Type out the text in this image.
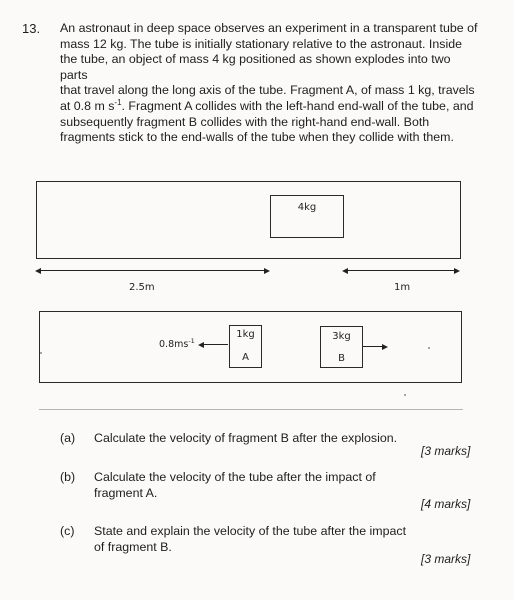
13. An astronaut in deep space observes an experiment in a transparent tube of
mass 12 kg. The tube is initially stationary relative to the astronaut. Inside
the tube, an object of mass 4 kg positioned as shown explodes into two parts
that travel along the long axis of the tube. Fragment A, of mass 1 kg, travels
at 0.8 m $s^{-1}$. Fragment A collides with the left-hand end-wall of the tube, and
subsequently fragment B collides with the right-hand end-wall. Both
fragments stick to the end-walls of the tube when they collide with them.
4kg
2.5m	1m
1kg
A
3kg
B
$0.8ms^{-1}$
(a) Calculate the velocity of fragment B after the explosion.
[3 marks]
(b) Calculate the velocity of the tube after the impact of fragment A.
[4 marks]
(c) State and explain the velocity of the tube after the impact of fragment B.
[3 marks]
